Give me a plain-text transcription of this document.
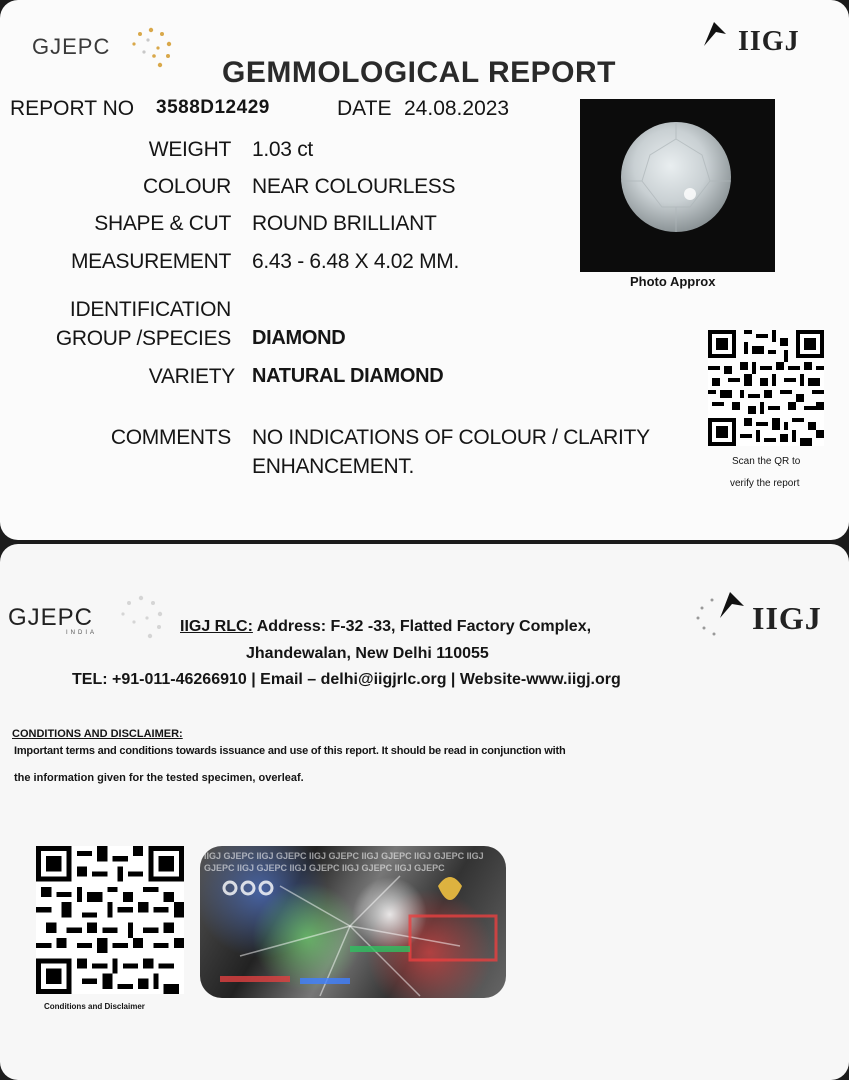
GJEPC	IIGJ
GEMMOLOGICAL REPORT
REPORT NO 3588D12429	DATE 24.08.2023
WEIGHT 1.03 ct
COLOUR NEAR COLOURLESS
SHAPE & CUT ROUND BRILLIANT
MEASUREMENT 6.43 - 6.48 X 4.02 MM.
IDENTIFICATION
GROUP /SPECIES DIAMOND
VARIETY NATURAL DIAMOND
COMMENTS NO INDICATIONS OF COLOUR / CLARITY
ENHANCEMENT.
Photo Approx
Scan the QR to
verify the report
GJEPC
INDIA	IIGJ
IIGJ RLC: Address: F-32 -33, Flatted Factory Complex,
Jhandewalan, New Delhi 110055
TEL: +91-011-46266910 | Email – delhi@iigjrlc.org | Website-www.iigj.org
CONDITIONS AND DISCLAIMER:
Important terms and conditions towards issuance and use of this report. It should be read in conjunction with
the information given for the tested specimen, overleaf.
Conditions and Disclaimer
IIGJ GJEPC IIGJ GJEPC IIGJ GJEPC IIGJ GJEPC IIGJ GJEPC IIGJ GJEPC IIGJ GJEPC IIGJ GJEPC IIGJ GJEPC IIGJ GJEPC
